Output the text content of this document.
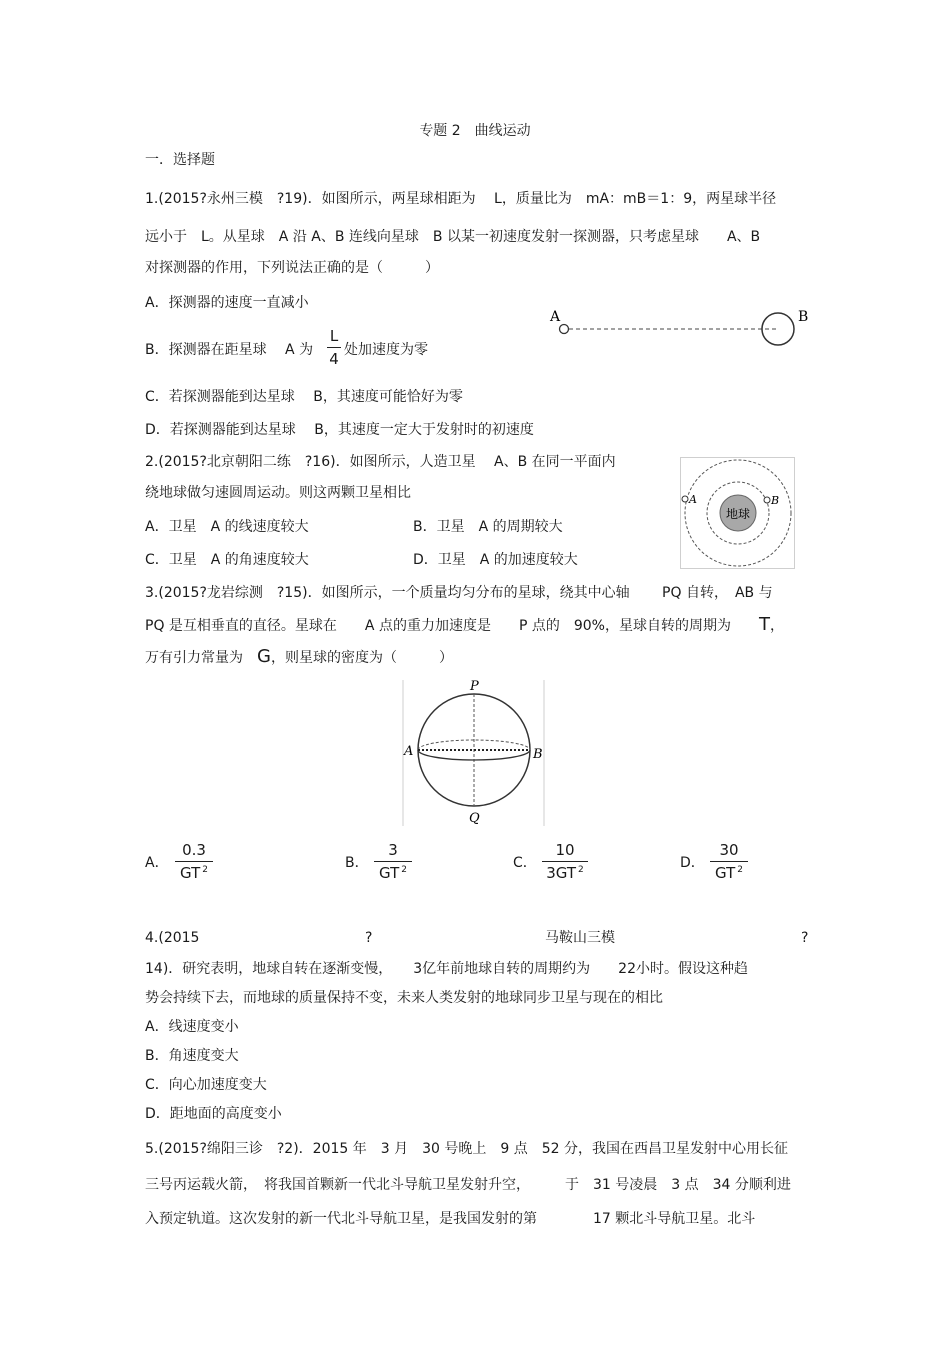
专题 2　曲线运动
一．选择题
1.(2015?永州三模　?19)．如图所示，两星球相距为　 L，质量比为　mA：mB＝1：9，两星球半径
远小于　L。从星球　A 沿 A、B 连线向星球　B 以某一初速度发射一探测器，只考虑星球　　A、B
对探测器的作用，下列说法正确的是（　　　）
A．探测器的速度一直减小
B．探测器在距星球　 A 为
L
4 处加速度为零
C．若探测器能到达星球　 B，其速度可能恰好为零
D．若探测器能到达星球　 B，其速度一定大于发射时的初速度
A	B
2.(2015?北京朝阳二练　?16)．如图所示，人造卫星　 A、B 在同一平面内
绕地球做匀速圆周运动。则这两颗卫星相比
A．卫星　A 的线速度较大	B．卫星　A 的周期较大
C．卫星　A 的角速度较大	D．卫星　A 的加速度较大
地球
A	B
3.(2015?龙岩综测　?15)．如图所示，一个质量均匀分布的星球，绕其中心轴　　 PQ 自转，　AB 与
PQ 是互相垂直的直径。星球在　　A 点的重力加速度是　　P 点的　90%，星球自转的周期为　　T，
万有引力常量为　G，则星球的密度为（　　　）
P
A	B
Q
A．
0.3
GT $^2$	B．
3
GT $^2$	C．
10
3GT $^2$	D．
30
GT $^2$
4.(2015	?	马鞍山三模	?
14)．研究表明，地球自转在逐渐变慢，　　3亿年前地球自转的周期约为　　22小时。假设这种趋
势会持续下去，而地球的质量保持不变，未来人类发射的地球同步卫星与现在的相比
A．线速度变小
B．角速度变大
C．向心加速度变大
D．距地面的高度变小
5.(2015?绵阳三诊　?2)．2015 年　3 月　30 号晚上　9 点　52 分，我国在西昌卫星发射中心用长征
三号丙运载火箭，　将我国首颗新一代北斗导航卫星发射升空，　　　于　31 号凌晨　3 点　34 分顺利进
入预定轨道。这次发射的新一代北斗导航卫星，是我国发射的第　　　　17 颗北斗导航卫星。北斗
